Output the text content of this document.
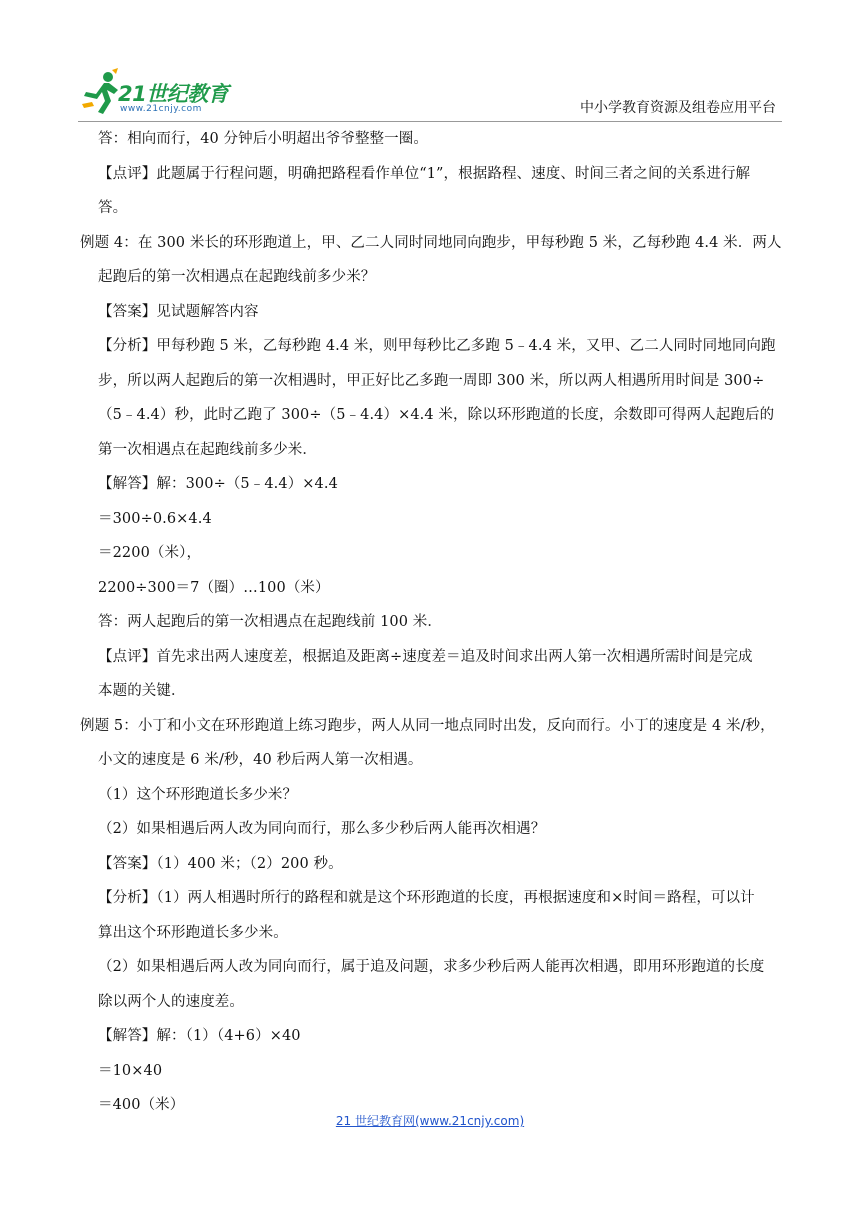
21世纪教育
www.21cnjy.com	中小学教育资源及组卷应用平台
答：相向而行，40 分钟后小明超出爷爷整整一圈。
【点评】此题属于行程问题，明确把路程看作单位“1”，根据路程、速度、时间三者之间的关系进行解
答。
例题 4：在 300 米长的环形跑道上，甲、乙二人同时同地同向跑步，甲每秒跑 5 米，乙每秒跑 4.4 米．两人
起跑后的第一次相遇点在起跑线前多少米？
【答案】见试题解答内容
【分析】甲每秒跑 5 米，乙每秒跑 4.4 米，则甲每秒比乙多跑 5﹣4.4 米，又甲、乙二人同时同地同向跑
步，所以两人起跑后的第一次相遇时，甲正好比乙多跑一周即 300 米，所以两人相遇所用时间是 300÷
（5﹣4.4）秒，此时乙跑了 300÷（5﹣4.4）×4.4 米，除以环形跑道的长度，余数即可得两人起跑后的
第一次相遇点在起跑线前多少米．
【解答】解：300÷（5﹣4.4）×4.4
＝300÷0.6×4.4
＝2200（米），
2200÷300＝7（圈）…100（米）
答：两人起跑后的第一次相遇点在起跑线前 100 米．
【点评】首先求出两人速度差，根据追及距离÷速度差＝追及时间求出两人第一次相遇所需时间是完成
本题的关键．
例题 5：小丁和小文在环形跑道上练习跑步，两人从同一地点同时出发，反向而行。小丁的速度是 4 米/秒，
小文的速度是 6 米/秒，40 秒后两人第一次相遇。
（1）这个环形跑道长多少米？
（2）如果相遇后两人改为同向而行，那么多少秒后两人能再次相遇？
【答案】（1）400 米；（2）200 秒。
【分析】（1）两人相遇时所行的路程和就是这个环形跑道的长度，再根据速度和×时间＝路程，可以计
算出这个环形跑道长多少米。
（2）如果相遇后两人改为同向而行，属于追及问题，求多少秒后两人能再次相遇，即用环形跑道的长度
除以两个人的速度差。
【解答】解：（1）（4+6）×40
＝10×40
＝400（米）
21 世纪教育网(www.21cnjy.com)
